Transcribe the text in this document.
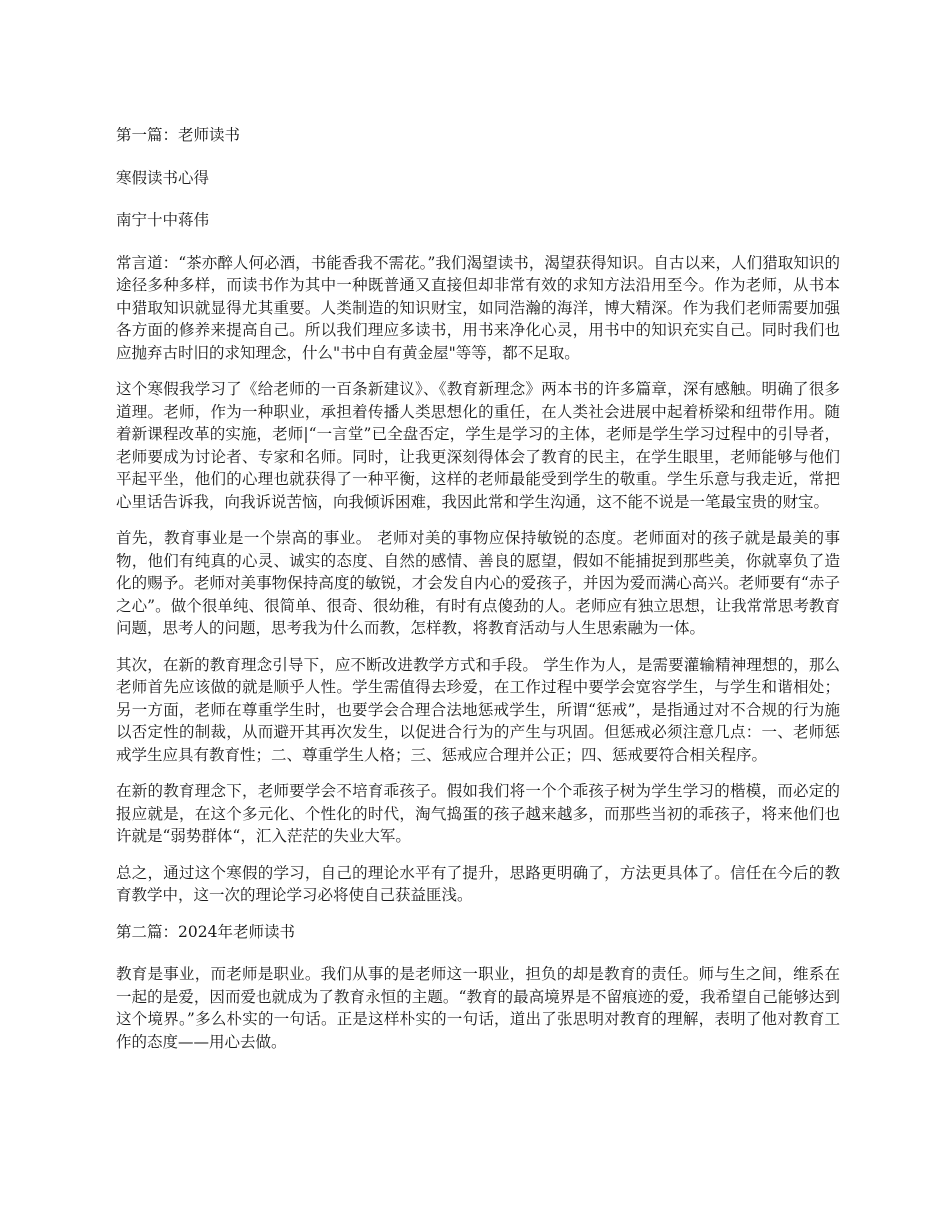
第一篇：老师读书

寒假读书心得

南宁十中蒋伟

常言道：“茶亦醉人何必酒，书能香我不需花。”我们渴望读书，渴望获得知识。自古以来，人们猎取知识的途径多种多样，而读书作为其中一种既普通又直接但却非常有效的求知方法沿用至今。作为老师，从书本中猎取知识就显得尤其重要。人类制造的知识财宝，如同浩瀚的海洋，博大精深。作为我们老师需要加强各方面的修养来提高自己。所以我们理应多读书，用书来净化心灵，用书中的知识充实自己。同时我们也应抛弃古时旧的求知理念，什么"书中自有黄金屋"等等，都不足取。

这个寒假我学习了《给老师的一百条新建议》、《教育新理念》两本书的许多篇章，深有感触。明确了很多道理。老师，作为一种职业，承担着传播人类思想化的重任，在人类社会进展中起着桥梁和纽带作用。随着新课程改革的实施，老师|“一言堂”已全盘否定，学生是学习的主体，老师是学生学习过程中的引导者，老师要成为讨论者、专家和名师。同时，让我更深刻得体会了教育的民主，在学生眼里，老师能够与他们平起平坐，他们的心理也就获得了一种平衡，这样的老师最能受到学生的敬重。学生乐意与我走近，常把心里话告诉我，向我诉说苦恼，向我倾诉困难，我因此常和学生沟通，这不能不说是一笔最宝贵的财宝。

首先，教育事业是一个崇高的事业。 老师对美的事物应保持敏锐的态度。老师面对的孩子就是最美的事物，他们有纯真的心灵、诚实的态度、自然的感情、善良的愿望，假如不能捕捉到那些美，你就辜负了造化的赐予。老师对美事物保持高度的敏锐，才会发自内心的爱孩子，并因为爱而满心高兴。老师要有“赤子之心”。做个很单纯、很简单、很奇、很幼稚，有时有点傻劲的人。老师应有独立思想，让我常常思考教育问题，思考人的问题，思考我为什么而教，怎样教，将教育活动与人生思索融为一体。

其次，在新的教育理念引导下，应不断改进教学方式和手段。 学生作为人，是需要灌输精神理想的，那么老师首先应该做的就是顺乎人性。学生需值得去珍爱，在工作过程中要学会宽容学生，与学生和谐相处；另一方面，老师在尊重学生时，也要学会合理合法地惩戒学生，所谓“惩戒”，是指通过对不合规的行为施以否定性的制裁，从而避开其再次发生，以促进合行为的产生与巩固。但惩戒必须注意几点：一、老师惩戒学生应具有教育性；二、尊重学生人格；三、惩戒应合理并公正；四、惩戒要符合相关程序。

在新的教育理念下，老师要学会不培育乖孩子。假如我们将一个个乖孩子树为学生学习的楷模，而必定的报应就是，在这个多元化、个性化的时代，淘气捣蛋的孩子越来越多，而那些当初的乖孩子，将来他们也许就是“弱势群体“，汇入茫茫的失业大军。

总之，通过这个寒假的学习，自己的理论水平有了提升，思路更明确了，方法更具体了。信任在今后的教育教学中，这一次的理论学习必将使自己获益匪浅。

第二篇：2024年老师读书

教育是事业，而老师是职业。我们从事的是老师这一职业，担负的却是教育的责任。师与生之间，维系在一起的是爱，因而爱也就成为了教育永恒的主题。“教育的最高境界是不留痕迹的爱，我希望自己能够达到这个境界。”多么朴实的一句话。正是这样朴实的一句话，道出了张思明对教育的理解，表明了他对教育工作的态度——用心去做。
